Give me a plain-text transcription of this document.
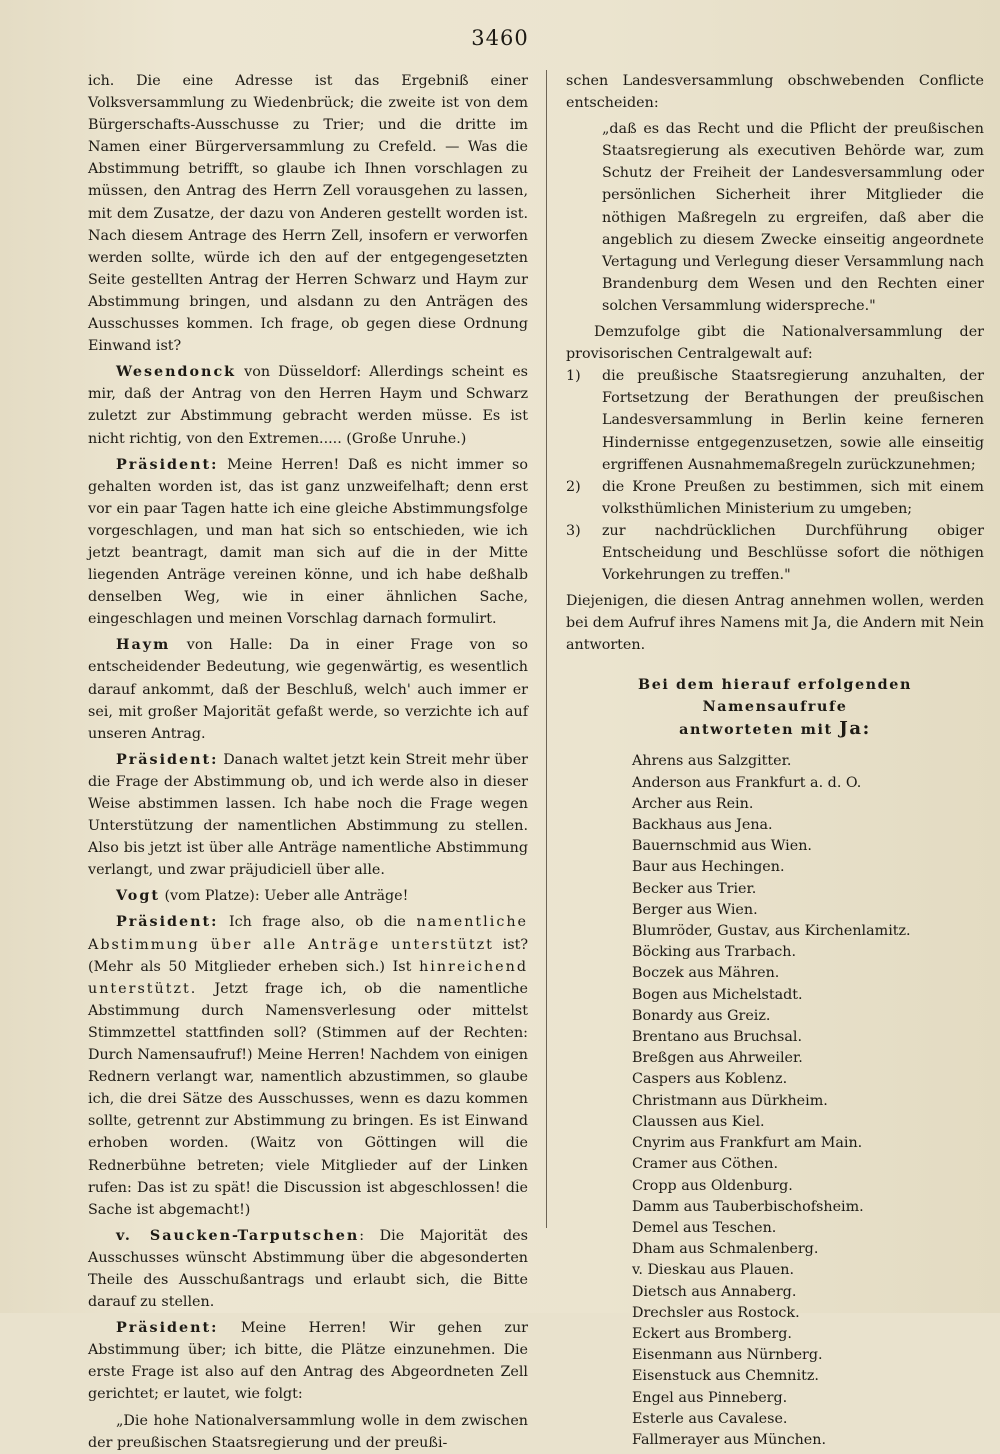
3460

ich. Die eine Adresse ist das Ergebniß einer Volksversammlung zu Wiedenbrück; die zweite ist von dem Bürgerschafts-Ausschusse zu Trier; und die dritte im Namen einer Bürgerversammlung zu Crefeld. — Was die Abstimmung betrifft, so glaube ich Ihnen vorschlagen zu müssen, den Antrag des Herrn Zell vorausgehen zu lassen, mit dem Zusatze, der dazu von Anderen gestellt worden ist. Nach diesem Antrage des Herrn Zell, insofern er verworfen werden sollte, würde ich den auf der entgegengesetzten Seite gestellten Antrag der Herren Schwarz und Haym zur Abstimmung bringen, und alsdann zu den Anträgen des Ausschusses kommen. Ich frage, ob gegen diese Ordnung Einwand ist?

Wesendonck von Düsseldorf: Allerdings scheint es mir, daß der Antrag von den Herren Haym und Schwarz zuletzt zur Abstimmung gebracht werden müsse. Es ist nicht richtig, von den Extremen..... (Große Unruhe.)

Präsident: Meine Herren! Daß es nicht immer so gehalten worden ist, das ist ganz unzweifelhaft; denn erst vor ein paar Tagen hatte ich eine gleiche Abstimmungsfolge vorgeschlagen, und man hat sich so entschieden, wie ich jetzt beantragt, damit man sich auf die in der Mitte liegenden Anträge vereinen könne, und ich habe deßhalb denselben Weg, wie in einer ähnlichen Sache, eingeschlagen und meinen Vorschlag darnach formulirt.

Haym von Halle: Da in einer Frage von so entscheidender Bedeutung, wie gegenwärtig, es wesentlich darauf ankommt, daß der Beschluß, welch' auch immer er sei, mit großer Majorität gefaßt werde, so verzichte ich auf unseren Antrag.

Präsident: Danach waltet jetzt kein Streit mehr über die Frage der Abstimmung ob, und ich werde also in dieser Weise abstimmen lassen. Ich habe noch die Frage wegen Unterstützung der namentlichen Abstimmung zu stellen. Also bis jetzt ist über alle Anträge namentliche Abstimmung verlangt, und zwar präjudiciell über alle.

Vogt (vom Platze): Ueber alle Anträge!

Präsident: Ich frage also, ob die namentliche Abstimmung über alle Anträge unterstützt ist? (Mehr als 50 Mitglieder erheben sich.) Ist hinreichend unterstützt. Jetzt frage ich, ob die namentliche Abstimmung durch Namensverlesung oder mittelst Stimmzettel stattfinden soll? (Stimmen auf der Rechten: Durch Namensaufruf!) Meine Herren! Nachdem von einigen Rednern verlangt war, namentlich abzustimmen, so glaube ich, die drei Sätze des Ausschusses, wenn es dazu kommen sollte, getrennt zur Abstimmung zu bringen. Es ist Einwand erhoben worden. (Waitz von Göttingen will die Rednerbühne betreten; viele Mitglieder auf der Linken rufen: Das ist zu spät! die Discussion ist abgeschlossen! die Sache ist abgemacht!)

v. Saucken-Tarputschen: Die Majorität des Ausschusses wünscht Abstimmung über die abgesonderten Theile des Ausschußantrags und erlaubt sich, die Bitte darauf zu stellen.

Präsident: Meine Herren! Wir gehen zur Abstimmung über; ich bitte, die Plätze einzunehmen. Die erste Frage ist also auf den Antrag des Abgeordneten Zell gerichtet; er lautet, wie folgt:

„Die hohe Nationalversammlung wolle in dem zwischen der preußischen Staatsregierung und der preußi-

schen Landesversammlung obschwebenden Conflicte entscheiden:

„daß es das Recht und die Pflicht der preußischen Staatsregierung als executiven Behörde war, zum Schutz der Freiheit der Landesversammlung oder persönlichen Sicherheit ihrer Mitglieder die nöthigen Maßregeln zu ergreifen, daß aber die angeblich zu diesem Zwecke einseitig angeordnete Vertagung und Verlegung dieser Versammlung nach Brandenburg dem Wesen und den Rechten einer solchen Versammlung widerspreche."

Demzufolge gibt die Nationalversammlung der provisorischen Centralgewalt auf:

1)	die preußische Staatsregierung anzuhalten, der Fortsetzung der Berathungen der preußischen Landesversammlung in Berlin keine ferneren Hindernisse entgegenzusetzen, sowie alle einseitig ergriffenen Ausnahmemaßregeln zurückzunehmen;
2)	die Krone Preußen zu bestimmen, sich mit einem volksthümlichen Ministerium zu umgeben;
3)	zur nachdrücklichen Durchführung obiger Entscheidung und Beschlüsse sofort die nöthigen Vorkehrungen zu treffen."

Diejenigen, die diesen Antrag annehmen wollen, werden bei dem Aufruf ihres Namens mit Ja, die Andern mit Nein antworten.

Bei dem hierauf erfolgenden Namensaufrufe
antworteten mit Ja:
Ahrens aus Salzgitter.
Anderson aus Frankfurt a. d. O.
Archer aus Rein.
Backhaus aus Jena.
Bauernschmid aus Wien.
Baur aus Hechingen.
Becker aus Trier.
Berger aus Wien.
Blumröder, Gustav, aus Kirchenlamitz.
Böcking aus Trarbach.
Boczek aus Mähren.
Bogen aus Michelstadt.
Bonardy aus Greiz.
Brentano aus Bruchsal.
Breßgen aus Ahrweiler.
Caspers aus Koblenz.
Christmann aus Dürkheim.
Claussen aus Kiel.
Cnyrim aus Frankfurt am Main.
Cramer aus Cöthen.
Cropp aus Oldenburg.
Damm aus Tauberbischofsheim.
Demel aus Teschen.
Dham aus Schmalenberg.
v. Dieskau aus Plauen.
Dietsch aus Annaberg.
Drechsler aus Rostock.
Eckert aus Bromberg.
Eisenmann aus Nürnberg.
Eisenstuck aus Chemnitz.
Engel aus Pinneberg.
Esterle aus Cavalese.
Fallmerayer aus München.
